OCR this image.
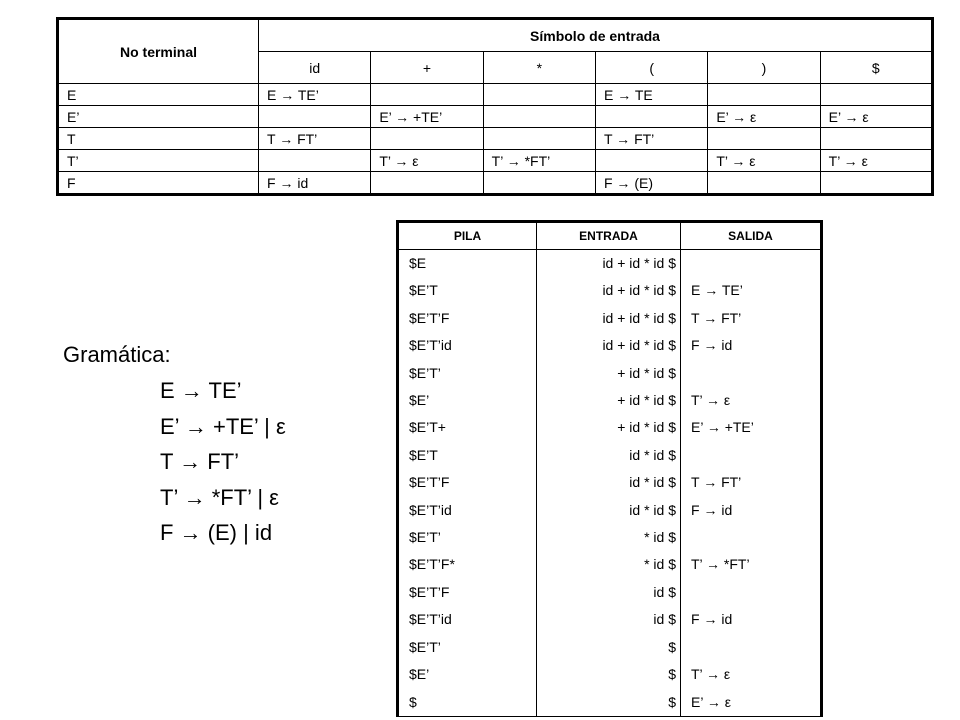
No terminal	Símbolo de entrada					
	id	+	*	(	)	$
E	E → TE’			E → TE		
E’		E’ → +TE’			E’ → ε	E’ → ε
T	T → FT’			T → FT’		
T’		T’ → ε	T’ → *FT’		T’ → ε	T’ → ε
F	F → id			F → (E)		
PILA	ENTRADA	SALIDA
$E	id + id * id $	
$E’T	id + id * id $	E → TE’
$E’T’F	id + id * id $	T → FT’
$E’T’id	id + id * id $	F → id
$E’T’	+ id * id $	
$E’	+ id * id $	T’ → ε
$E’T+	+ id * id $	E’ → +TE’
$E’T	id * id $	
$E’T’F	id * id $	T → FT’
$E’T’id	id * id $	F → id
$E’T’	* id $	
$E’T’F*	* id $	T’ → *FT’
$E’T’F	id $	
$E’T’id	id $	F → id
$E’T’	$	
$E’	$	T’ → ε
$	$	E’ → ε
Gramática:
E → TE’
E’ → +TE’ | ε
T → FT’
T’ → *FT’ | ε
F → (E) | id
